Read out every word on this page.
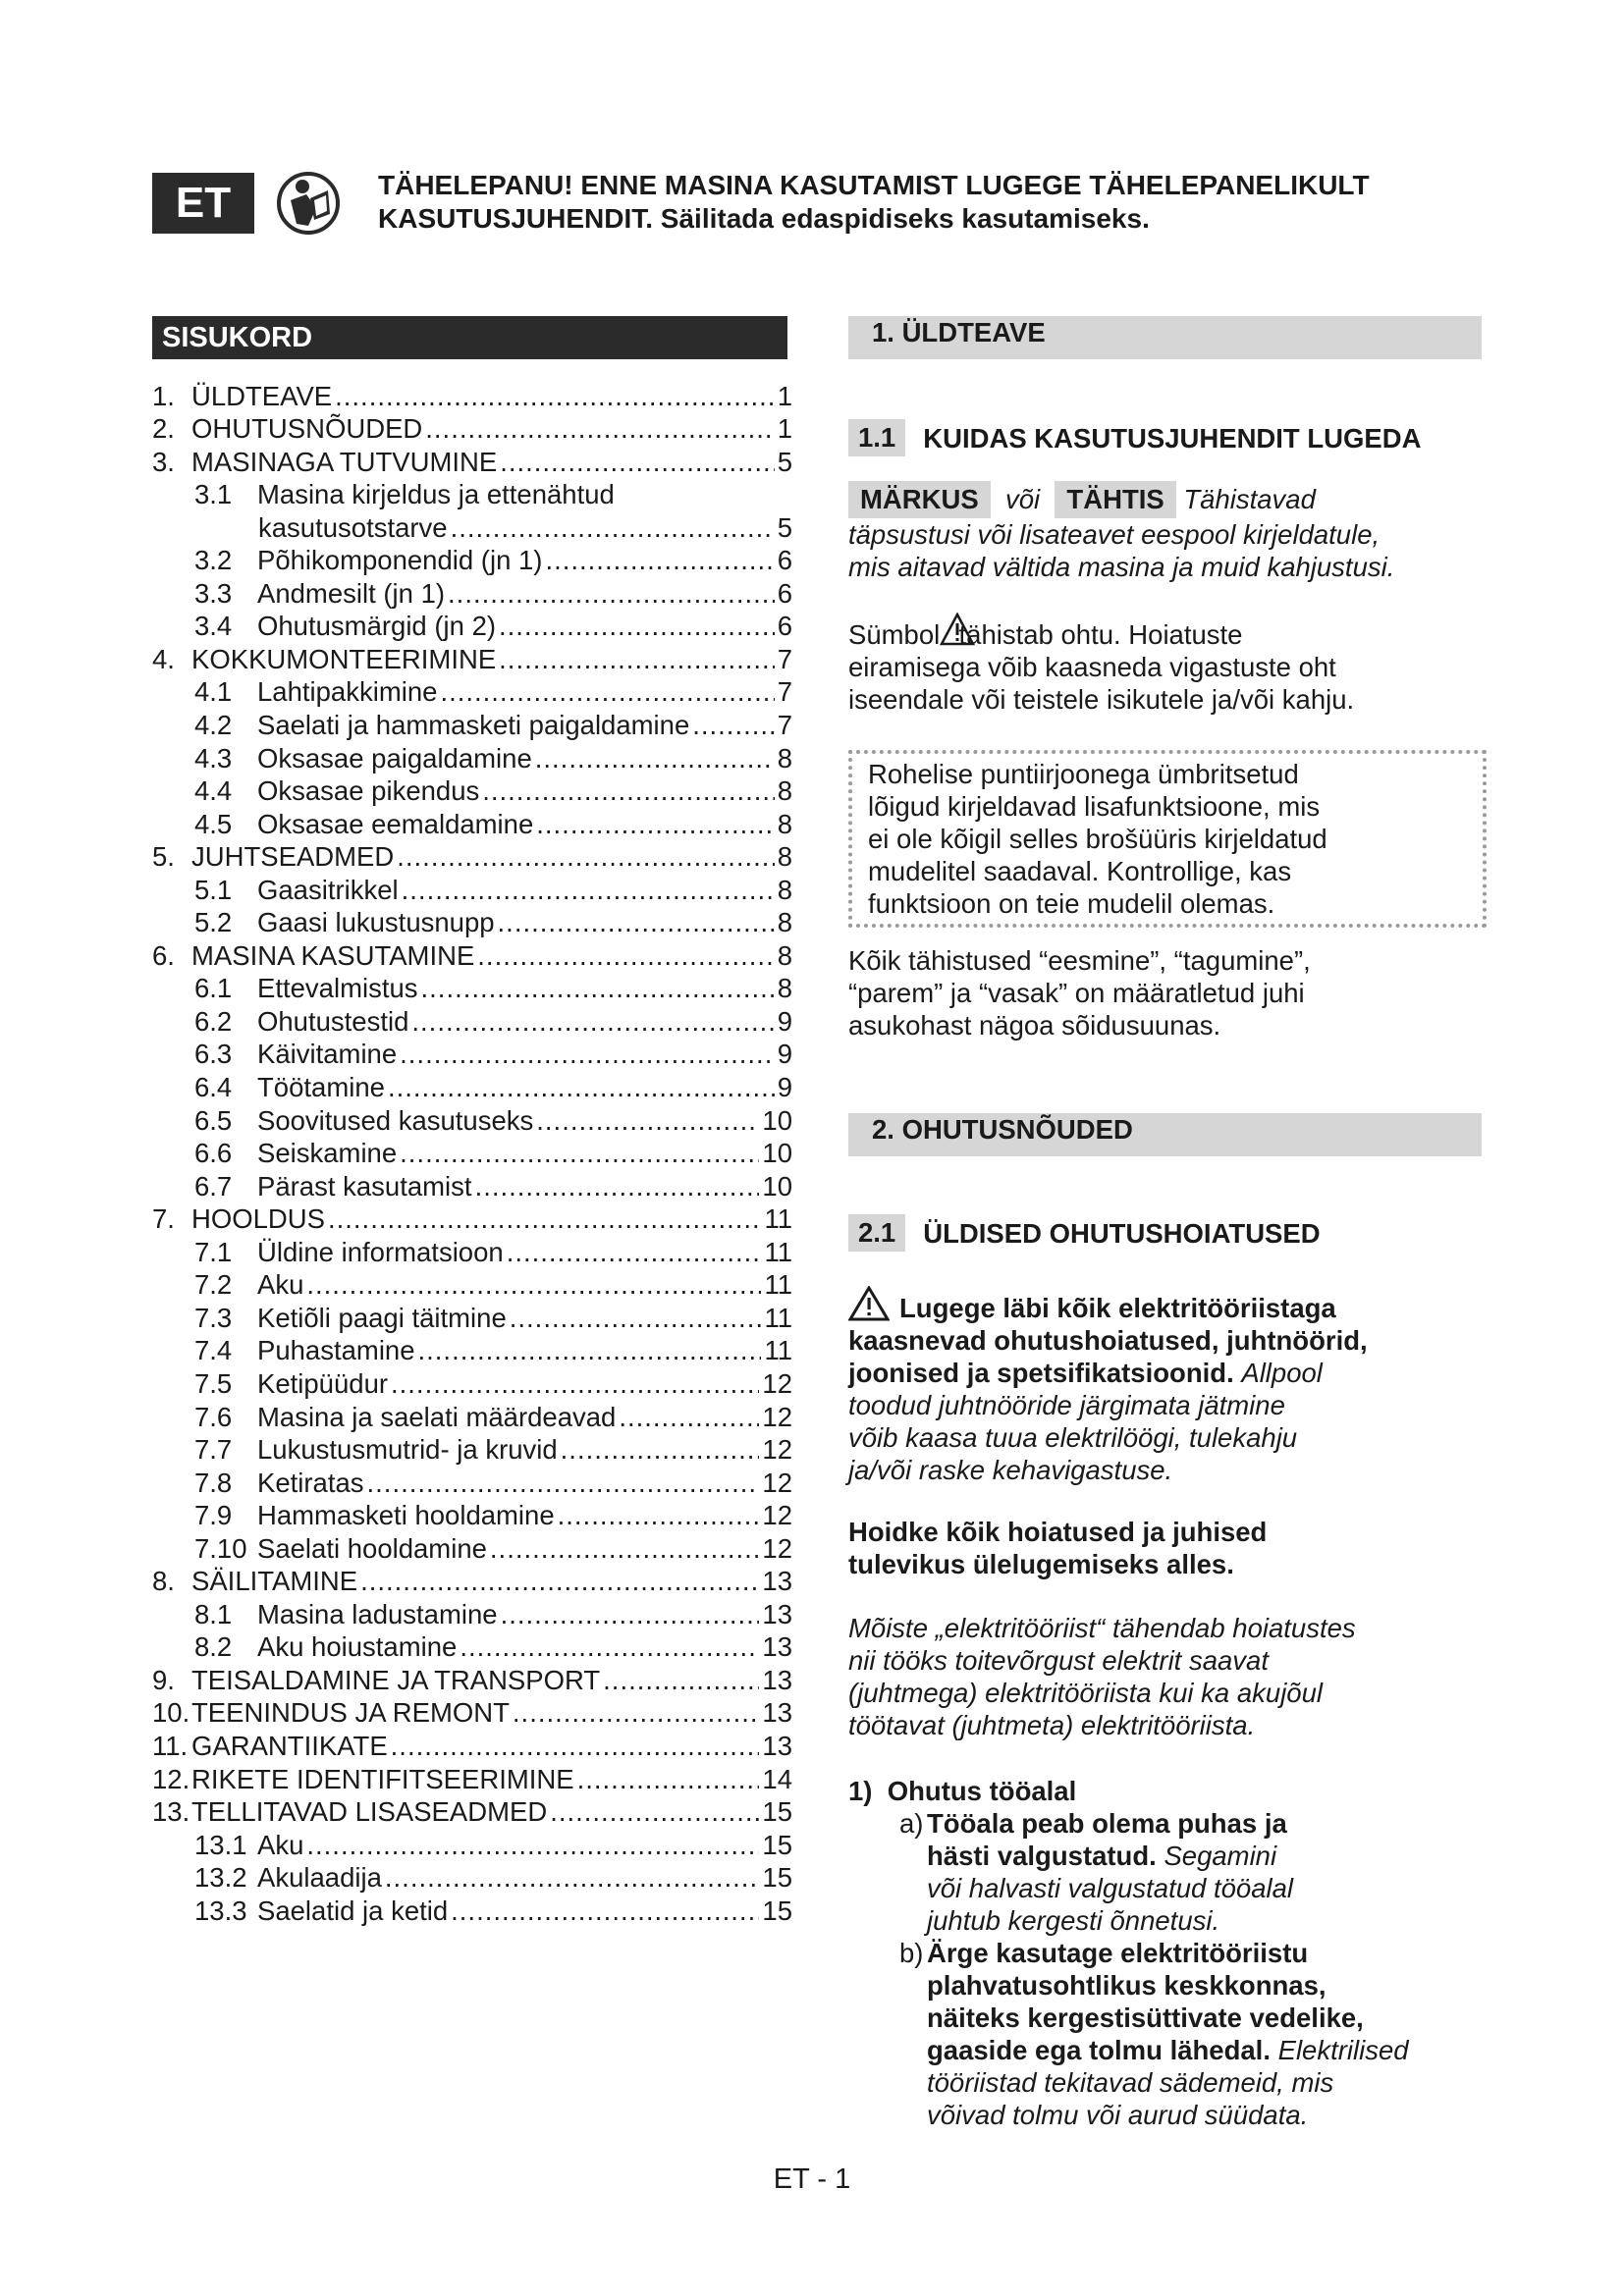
ET	TÄHELEPANU! ENNE MASINA KASUTAMIST LUGEGE TÄHELEPANELIKULT
KASUTUSJUHENDIT. Säilitada edaspidiseks kasutamiseks.
SISUKORD
1. ÜLDTEAVE .....	1
2. OHUTUSNÕUDED .....	1
3. MASINAGA TUTVUMINE .....	5
3.1 Masina kirjeldus ja ettenähtud
kasutusotstarve .....	5
3.2 Põhikomponendid (jn 1) .....	6
3.3 Andmesilt (jn 1) .....	6
3.4 Ohutusmärgid (jn 2) .....	6
4. KOKKUMONTEERIMINE .....	7
4.1 Lahtipakkimine .....	7
4.2 Saelati ja hammasketi paigaldamine .....	7
4.3 Oksasae paigaldamine .....	8
4.4 Oksasae pikendus .....	8
4.5 Oksasae eemaldamine .....	8
5. JUHTSEADMED .....	8
5.1 Gaasitrikkel .....	8
5.2 Gaasi lukustusnupp .....	8
6. MASINA KASUTAMINE .....	8
6.1 Ettevalmistus .....	8
6.2 Ohutustestid .....	9
6.3 Käivitamine .....	9
6.4 Töötamine .....	9
6.5 Soovitused kasutuseks .....	10
6.6 Seiskamine .....	10
6.7 Pärast kasutamist .....	10
7. HOOLDUS .....	11
7.1 Üldine informatsioon .....	11
7.2 Aku .....	11
7.3 Ketiõli paagi täitmine .....	11
7.4 Puhastamine .....	11
7.5 Ketipüüdur .....	12
7.6 Masina ja saelati määrdeavad .....	12
7.7 Lukustusmutrid- ja kruvid .....	12
7.8 Ketiratas .....	12
7.9 Hammasketi hooldamine .....	12
7.10 Saelati hooldamine .....	12
8. SÄILITAMINE .....	13
8.1 Masina ladustamine .....	13
8.2 Aku hoiustamine .....	13
9. TEISALDAMINE JA TRANSPORT .....	13
10. TEENINDUS JA REMONT .....	13
11. GARANTIIKATE .....	13
12. RIKETE IDENTIFITSEERIMINE .....	14
13. TELLITAVAD LISASEADMED .....	15
13.1 Aku .....	15
13.2 Akulaadija .....	15
13.3 Saelatid ja ketid .....	15
1. ÜLDTEAVE
1.1	KUIDAS KASUTUSJUHENDIT LUGEDA
MÄRKUS või TÄHTIS Tähistavad
täpsustusi või lisateavet eespool kirjeldatule,
mis aitavad vältida masina ja muid kahjustusi.
Sümbol tähistab ohtu. Hoiatuste
eiramisega võib kaasneda vigastuste oht
iseendale või teistele isikutele ja/või kahju.
Rohelise puntiirjoonega ümbritsetud
lõigud kirjeldavad lisafunktsioone, mis
ei ole kõigil selles brošüüris kirjeldatud
mudelitel saadaval. Kontrollige, kas
funktsioon on teie mudelil olemas.
Kõik tähistused “eesmine”, “tagumine”,
“parem” ja “vasak” on määratletud juhi
asukohast nägoa sõidusuunas.
2. OHUTUSNÕUDED
2.1	ÜLDISED OHUTUSHOIATUSED
Lugege läbi kõik elektritööriistaga
kaasnevad ohutushoiatused, juhtnöörid,
joonised ja spetsifikatsioonid. Allpool
toodud juhtnööride järgimata jätmine
võib kaasa tuua elektrilöögi, tulekahju
ja/või raske kehavigastuse.
Hoidke kõik hoiatused ja juhised
tulevikus ülelugemiseks alles.
Mõiste „elektritööriist“ tähendab hoiatustes
nii tööks toitevõrgust elektrit saavat
(juhtmega) elektritööriista kui ka akujõul
töötavat (juhtmeta) elektritööriista.
1) Ohutus tööalal
a) Tööala peab olema puhas ja
hästi valgustatud. Segamini
või halvasti valgustatud tööalal
juhtub kergesti õnnetusi.
b) Ärge kasutage elektritööriistu
plahvatusohtlikus keskkonnas,
näiteks kergestisüttivate vedelike,
gaaside ega tolmu lähedal. Elektrilised
tööriistad tekitavad sädemeid, mis
võivad tolmu või aurud süüdata.
ET - 1
